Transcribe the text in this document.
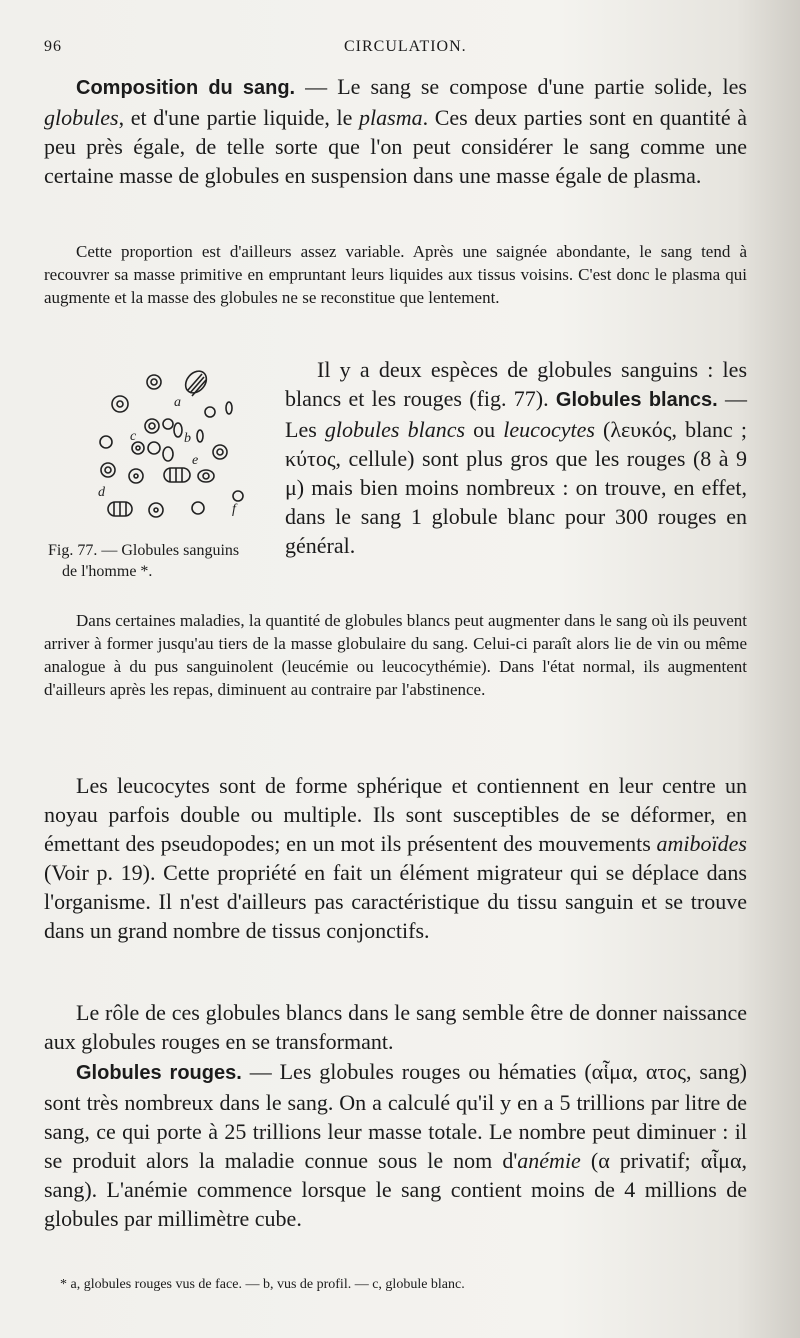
96	CIRCULATION.

Composition du sang. — Le sang se compose d'une partie solide, les globules, et d'une partie liquide, le plasma. Ces deux parties sont en quantité à peu près égale, de telle sorte que l'on peut considérer le sang comme une certaine masse de globules en suspension dans une masse égale de plasma.

Cette proportion est d'ailleurs assez variable. Après une saignée abondante, le sang tend à recouvrer sa masse primitive en empruntant leurs liquides aux tissus voisins. C'est donc le plasma qui augmente et la masse des globules ne se reconstitue que lentement.

a
b
c
d
e
f
Fig. 77. — Globules sanguins
de l'homme *.

Il y a deux espèces de globules sanguins : les blancs et les rouges (fig. 77). Globules blancs. — Les globules blancs ou leucocytes (λευκός, blanc ; κύτος, cellule) sont plus gros que les rouges (8 à 9 μ) mais bien moins nombreux : on trouve, en effet, dans le sang 1 globule blanc pour 300 rouges en général.

Dans certaines maladies, la quantité de globules blancs peut augmenter dans le sang où ils peuvent arriver à former jusqu'au tiers de la masse globulaire du sang. Celui-ci paraît alors lie de vin ou même analogue à du pus sanguinolent (leucémie ou leucocythémie). Dans l'état normal, ils augmentent d'ailleurs après les repas, diminuent au contraire par l'abstinence.

Les leucocytes sont de forme sphérique et contiennent en leur centre un noyau parfois double ou multiple. Ils sont susceptibles de se déformer, en émettant des pseudopodes; en un mot ils présentent des mouvements amiboïdes (Voir p. 19). Cette propriété en fait un élément migrateur qui se déplace dans l'organisme. Il n'est d'ailleurs pas caractéristique du tissu sanguin et se trouve dans un grand nombre de tissus conjonctifs.

Le rôle de ces globules blancs dans le sang semble être de donner naissance aux globules rouges en se transformant.

Globules rouges. — Les globules rouges ou hématies (αἷμα, ατος, sang) sont très nombreux dans le sang. On a calculé qu'il y en a 5 trillions par litre de sang, ce qui porte à 25 trillions leur masse totale. Le nombre peut diminuer : il se produit alors la maladie connue sous le nom d'anémie (α privatif; αἷμα, sang). L'anémie commence lorsque le sang contient moins de 4 millions de globules par millimètre cube.

* a, globules rouges vus de face. — b, vus de profil. — c, globule blanc.
